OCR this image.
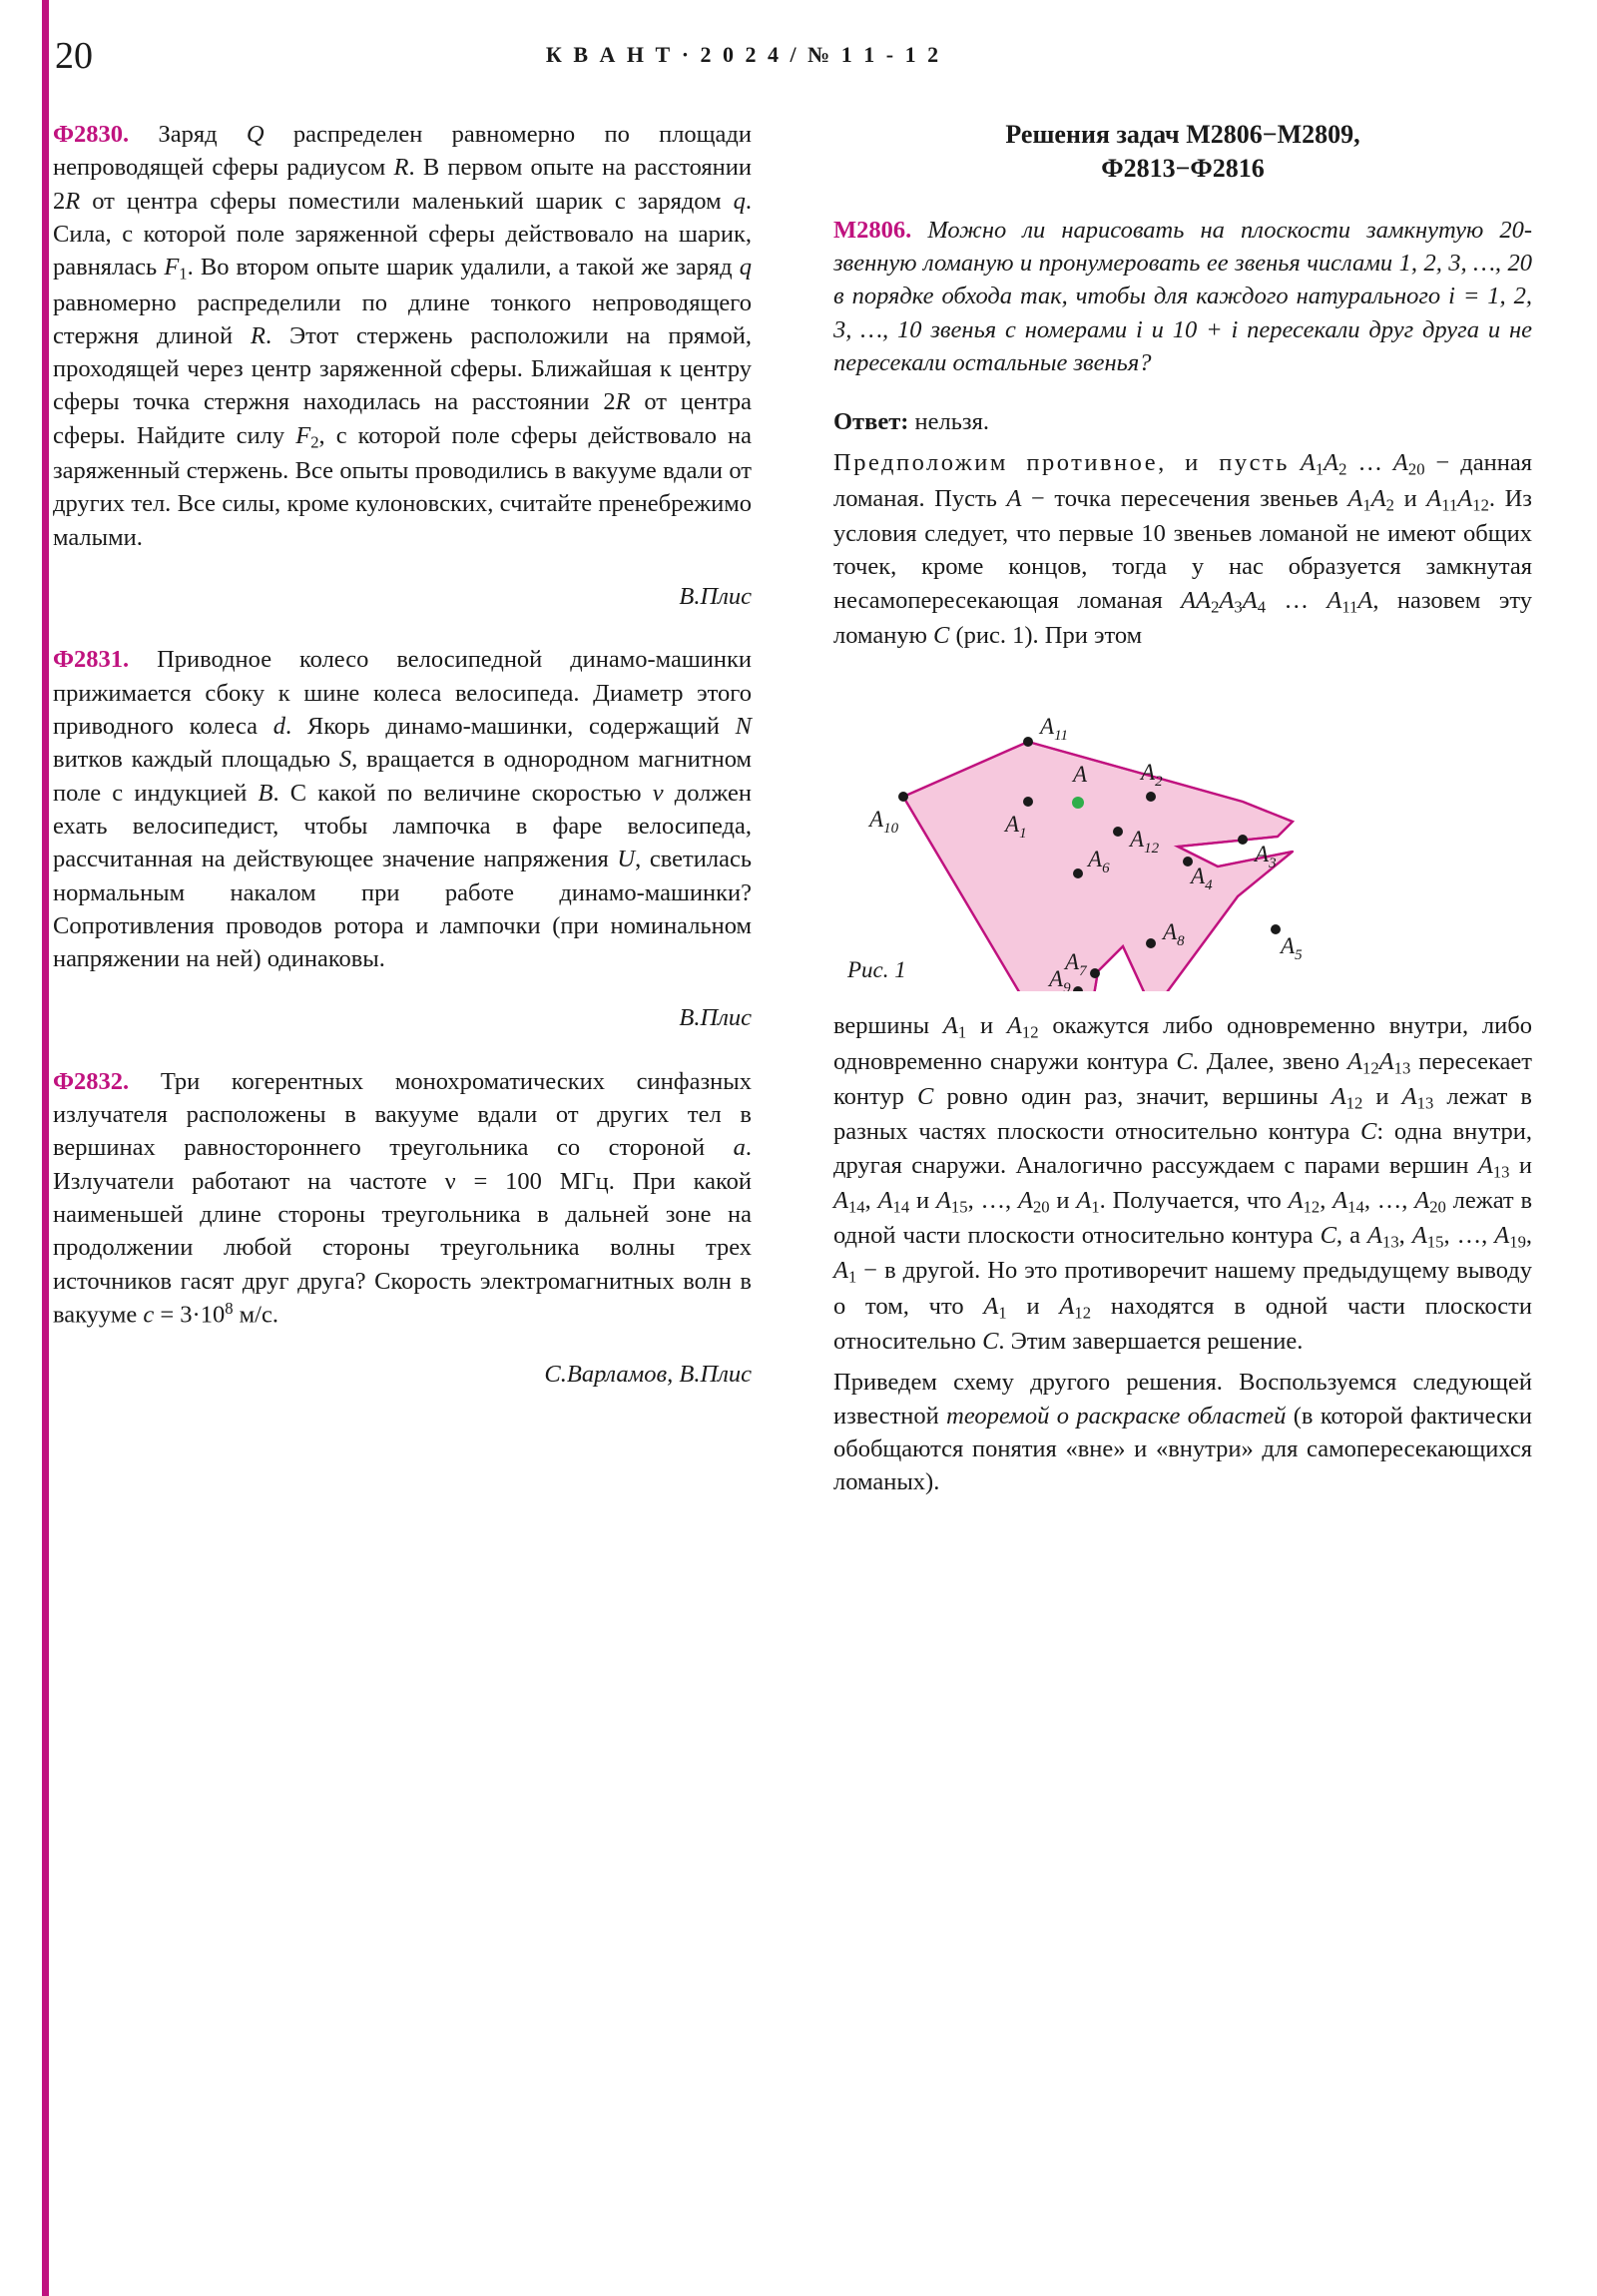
20	К В А Н Т · 2 0 2 4 / № 1 1 - 1 2

Ф2830. Заряд Q распределен равномерно по площади непроводящей сферы радиусом R. В первом опыте на расстоянии 2R от центра сферы поместили маленький шарик с зарядом q. Сила, с которой поле заряженной сферы действовало на шарик, равнялась $F_1$. Во втором опыте шарик удалили, а такой же заряд q равномерно распределили по длине тонкого непроводящего стержня длиной R. Этот стержень расположили на прямой, проходящей через центр заряженной сферы. Ближайшая к центру сферы точка стержня находилась на расстоянии 2R от центра сферы. Найдите силу $F_2$, с которой поле сферы действовало на заряженный стержень. Все опыты проводились в вакууме вдали от других тел. Все силы, кроме кулоновских, считайте пренебрежимо малыми.

В.Плис

Ф2831. Приводное колесо велосипедной динамо-машинки прижимается сбоку к шине колеса велосипеда. Диаметр этого приводного колеса d. Якорь динамо-машинки, содержащий N витков каждый площадью S, вращается в однородном магнитном поле с индукцией B. С какой по величине скоростью v должен ехать велосипедист, чтобы лампочка в фаре велосипеда, рассчитанная на действующее значение напряжения U, светилась нормальным накалом при работе динамо-машинки? Сопротивления проводов ротора и лампочки (при номинальном напряжении на ней) одинаковы.

В.Плис

Ф2832. Три когерентных монохроматических синфазных излучателя расположены в вакууме вдали от других тел в вершинах равностороннего треугольника со стороной a. Излучатели работают на частоте ν = 100 МГц. При какой наименьшей длине стороны треугольника в дальней зоне на продолжении любой стороны треугольника волны трех источников гасят друг друга? Скорость электромагнитных волн в вакууме $c = 3\cdot 10^8$ м/с.

С.Варламов, В.Плис

Решения задач М2806−М2809,
Ф2813−Ф2816

М2806. Можно ли нарисовать на плоскости замкнутую 20-звенную ломаную и пронумеровать ее звенья числами 1, 2, 3, …, 20 в порядке обхода так, чтобы для каждого натурального i = 1, 2, 3, …, 10 звенья с номерами i и 10 + i пересекали друг друга и не пересекали остальные звенья?

Ответ: нельзя.

Предположим противное, и пусть $A_1A_2$ … $A_{20}$ − данная ломаная. Пусть A − точка пересечения звеньев $A_1A_2$ и $A_{11}A_{12}$. Из условия следует, что первые 10 звеньев ломаной не имеют общих точек, кроме концов, тогда у нас образуется замкнутая несамопересекающая ломаная $AA_2A_3A_4$ … $A_{11}A$, назовем эту ломаную C (рис. 1). При этом

$A_{11}$
$A_{10}$	$A_1$
A $A_2$
$A_{12}$	$A_3$
$A_4$
$A_6$
$A_8$
$A_7$
$A_5$
$A_9$
Рис. 1

вершины $A_1$ и $A_{12}$ окажутся либо одновременно внутри, либо одновременно снаружи контура C. Далее, звено $A_{12}A_{13}$ пересекает контур C ровно один раз, значит, вершины $A_{12}$ и $A_{13}$ лежат в разных частях плоскости относительно контура C: одна внутри, другая снаружи. Аналогично рассуждаем с парами вершин $A_{13}$ и $A_{14}$, $A_{14}$ и $A_{15}$, …, $A_{20}$ и $A_1$. Получается, что $A_{12}$, $A_{14}$, …, $A_{20}$ лежат в одной части плоскости относительно контура C, а $A_{13}$, $A_{15}$, …, $A_{19}$, $A_1 - в$ другой. Но это противоречит нашему предыдущему выводу о том, что $A_1$ и $A_{12}$ находятся в одной части плоскости относительно C. Этим завершается решение.

Приведем схему другого решения. Воспользуемся следующей известной теоремой о раскраске областей (в которой фактически обобщаются понятия «вне» и «внутри» для самопересекающихся ломаных).
